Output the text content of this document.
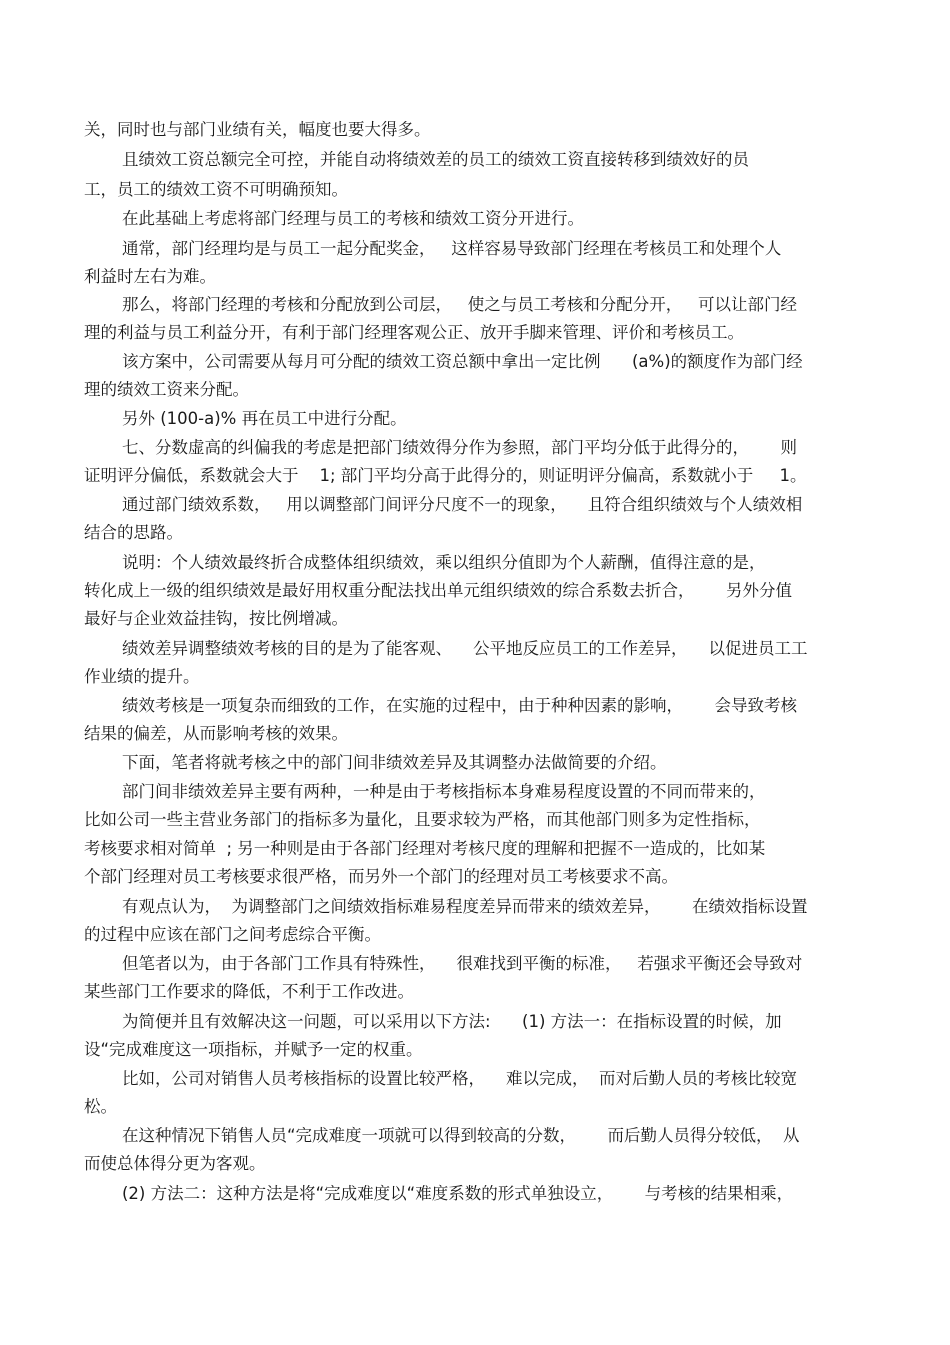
关，同时也与部门业绩有关，幅度也要大得多。
且绩效工资总额完全可控，并能自动将绩效差的员工的绩效工资直接转移到绩效好的员
工，员工的绩效工资不可明确预知。
在此基础上考虑将部门经理与员工的考核和绩效工资分开进行。
通常，部门经理均是与员工一起分配奖金，   这样容易导致部门经理在考核员工和处理个人
利益时左右为难。
那么，将部门经理的考核和分配放到公司层，   使之与员工考核和分配分开，   可以让部门经
理的利益与员工利益分开，有利于部门经理客观公正、放开手脚来管理、评价和考核员工。
该方案中，公司需要从每月可分配的绩效工资总额中拿出一定比例      (a%)的额度作为部门经
理的绩效工资来分配。
另外 (100-a)% 再在员工中进行分配。
七、分数虚高的纠偏我的考虑是把部门绩效得分作为参照，部门平均分低于此得分的，      则
证明评分偏低，系数就会大于    1; 部门平均分高于此得分的，则证明评分偏高，系数就小于     1。
通过部门绩效系数，   用以调整部门间评分尺度不一的现象，    且符合组织绩效与个人绩效相
结合的思路。
说明：个人绩效最终折合成整体组织绩效，乘以组织分值即为个人薪酬，值得注意的是，
转化成上一级的组织绩效是最好用权重分配法找出单元组织绩效的综合系数去折合，      另外分值
最好与企业效益挂钩，按比例增减。
绩效差异调整绩效考核的目的是为了能客观、    公平地反应员工的工作差异，    以促进员工工
作业绩的提升。
绩效考核是一项复杂而细致的工作，在实施的过程中，由于种种因素的影响，      会导致考核
结果的偏差，从而影响考核的效果。
下面，笔者将就考核之中的部门间非绩效差异及其调整办法做简要的介绍。
部门间非绩效差异主要有两种，一种是由于考核指标本身难易程度设置的不同而带来的，
比如公司一些主营业务部门的指标多为量化，且要求较为严格，而其他部门则多为定性指标，
考核要求相对简单  ; 另一种则是由于各部门经理对考核尺度的理解和把握不一造成的，比如某
个部门经理对员工考核要求很严格，而另外一个部门的经理对员工考核要求不高。
有观点认为，  为调整部门之间绩效指标难易程度差异而带来的绩效差异，      在绩效指标设置
的过程中应该在部门之间考虑综合平衡。
但笔者以为，由于各部门工作具有特殊性，    很难找到平衡的标准，   若强求平衡还会导致对
某些部门工作要求的降低，不利于工作改进。
为简便并且有效解决这一问题，可以采用以下方法:      (1) 方法一：在指标设置的时候，加
设“完成难度这一项指标，并赋予一定的权重。
比如，公司对销售人员考核指标的设置比较严格，    难以完成，  而对后勤人员的考核比较宽
松。
在这种情况下销售人员“完成难度一项就可以得到较高的分数，      而后勤人员得分较低，  从
而使总体得分更为客观。
(2) 方法二：这种方法是将“完成难度以“难度系数的形式单独设立，      与考核的结果相乘，
